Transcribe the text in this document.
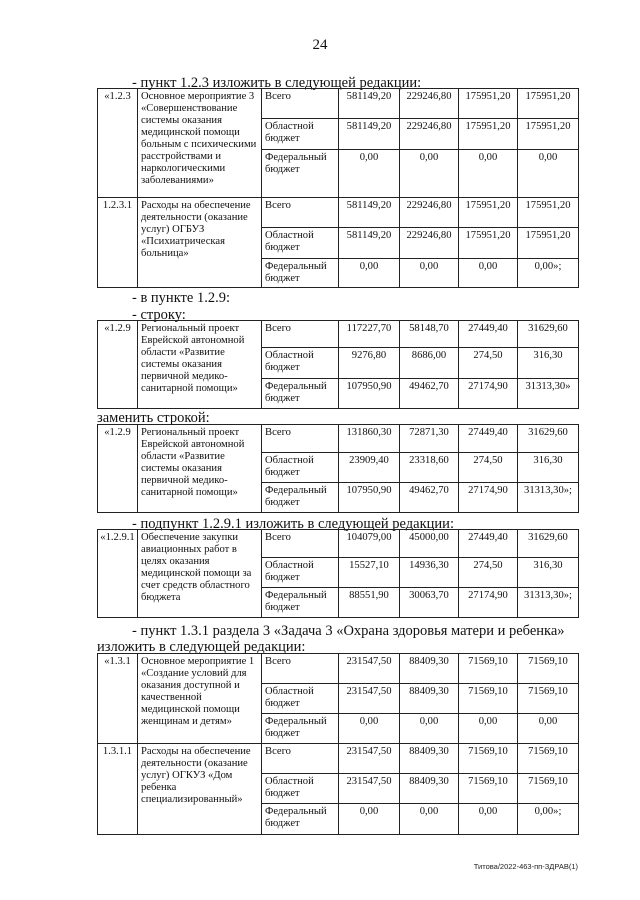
24
- пункт 1.2.3 изложить в следующей редакции:
«1.2.3	Основное мероприятие 3 «Совершенствование системы оказания медицинской помощи больным с психическими расстройствами и наркологическими заболеваниями»	Всего	581149,20	229246,80	175951,20	175951,20
		Областной бюджет	581149,20	229246,80	175951,20	175951,20
		Федеральный бюджет	0,00	0,00	0,00	0,00
1.2.3.1	Расходы на обеспечение деятельности (оказание услуг) ОГБУЗ «Психиатрическая больница»	Всего	581149,20	229246,80	175951,20	175951,20
		Областной бюджет	581149,20	229246,80	175951,20	175951,20
		Федеральный бюджет	0,00	0,00	0,00	0,00»;
- в пункте 1.2.9:
- строку:
«1.2.9	Региональный проект Еврейской автономной области «Развитие системы оказания первичной медико-санитарной помощи»	Всего	117227,70	58148,70	27449,40	31629,60
		Областной бюджет	9276,80	8686,00	274,50	316,30
		Федеральный бюджет	107950,90	49462,70	27174,90	31313,30»
заменить строкой:
«1.2.9	Региональный проект Еврейской автономной области «Развитие системы оказания первичной медико-санитарной помощи»	Всего	131860,30	72871,30	27449,40	31629,60
		Областной бюджет	23909,40	23318,60	274,50	316,30
		Федеральный бюджет	107950,90	49462,70	27174,90	31313,30»;
- подпункт 1.2.9.1 изложить в следующей редакции:
«1.2.9.1	Обеспечение закупки авиационных работ в целях оказания медицинской помощи за счет средств областного бюджета	Всего	104079,00	45000,00	27449,40	31629,60
		Областной бюджет	15527,10	14936,30	274,50	316,30
		Федеральный бюджет	88551,90	30063,70	27174,90	31313,30»;
- пункт 1.3.1 раздела 3 «Задача 3 «Охрана здоровья матери и ребенка»
изложить в следующей редакции:
«1.3.1	Основное мероприятие 1 «Создание условий для оказания доступной и качественной медицинской помощи женщинам и детям»	Всего	231547,50	88409,30	71569,10	71569,10
		Областной бюджет	231547,50	88409,30	71569,10	71569,10
		Федеральный бюджет	0,00	0,00	0,00	0,00
1.3.1.1	Расходы на обеспечение деятельности (оказание услуг) ОГКУЗ «Дом ребенка специализированный»	Всего	231547,50	88409,30	71569,10	71569,10
		Областной бюджет	231547,50	88409,30	71569,10	71569,10
		Федеральный бюджет	0,00	0,00	0,00	0,00»;
Титова/2022-463-пп-ЗДРАВ(1)
